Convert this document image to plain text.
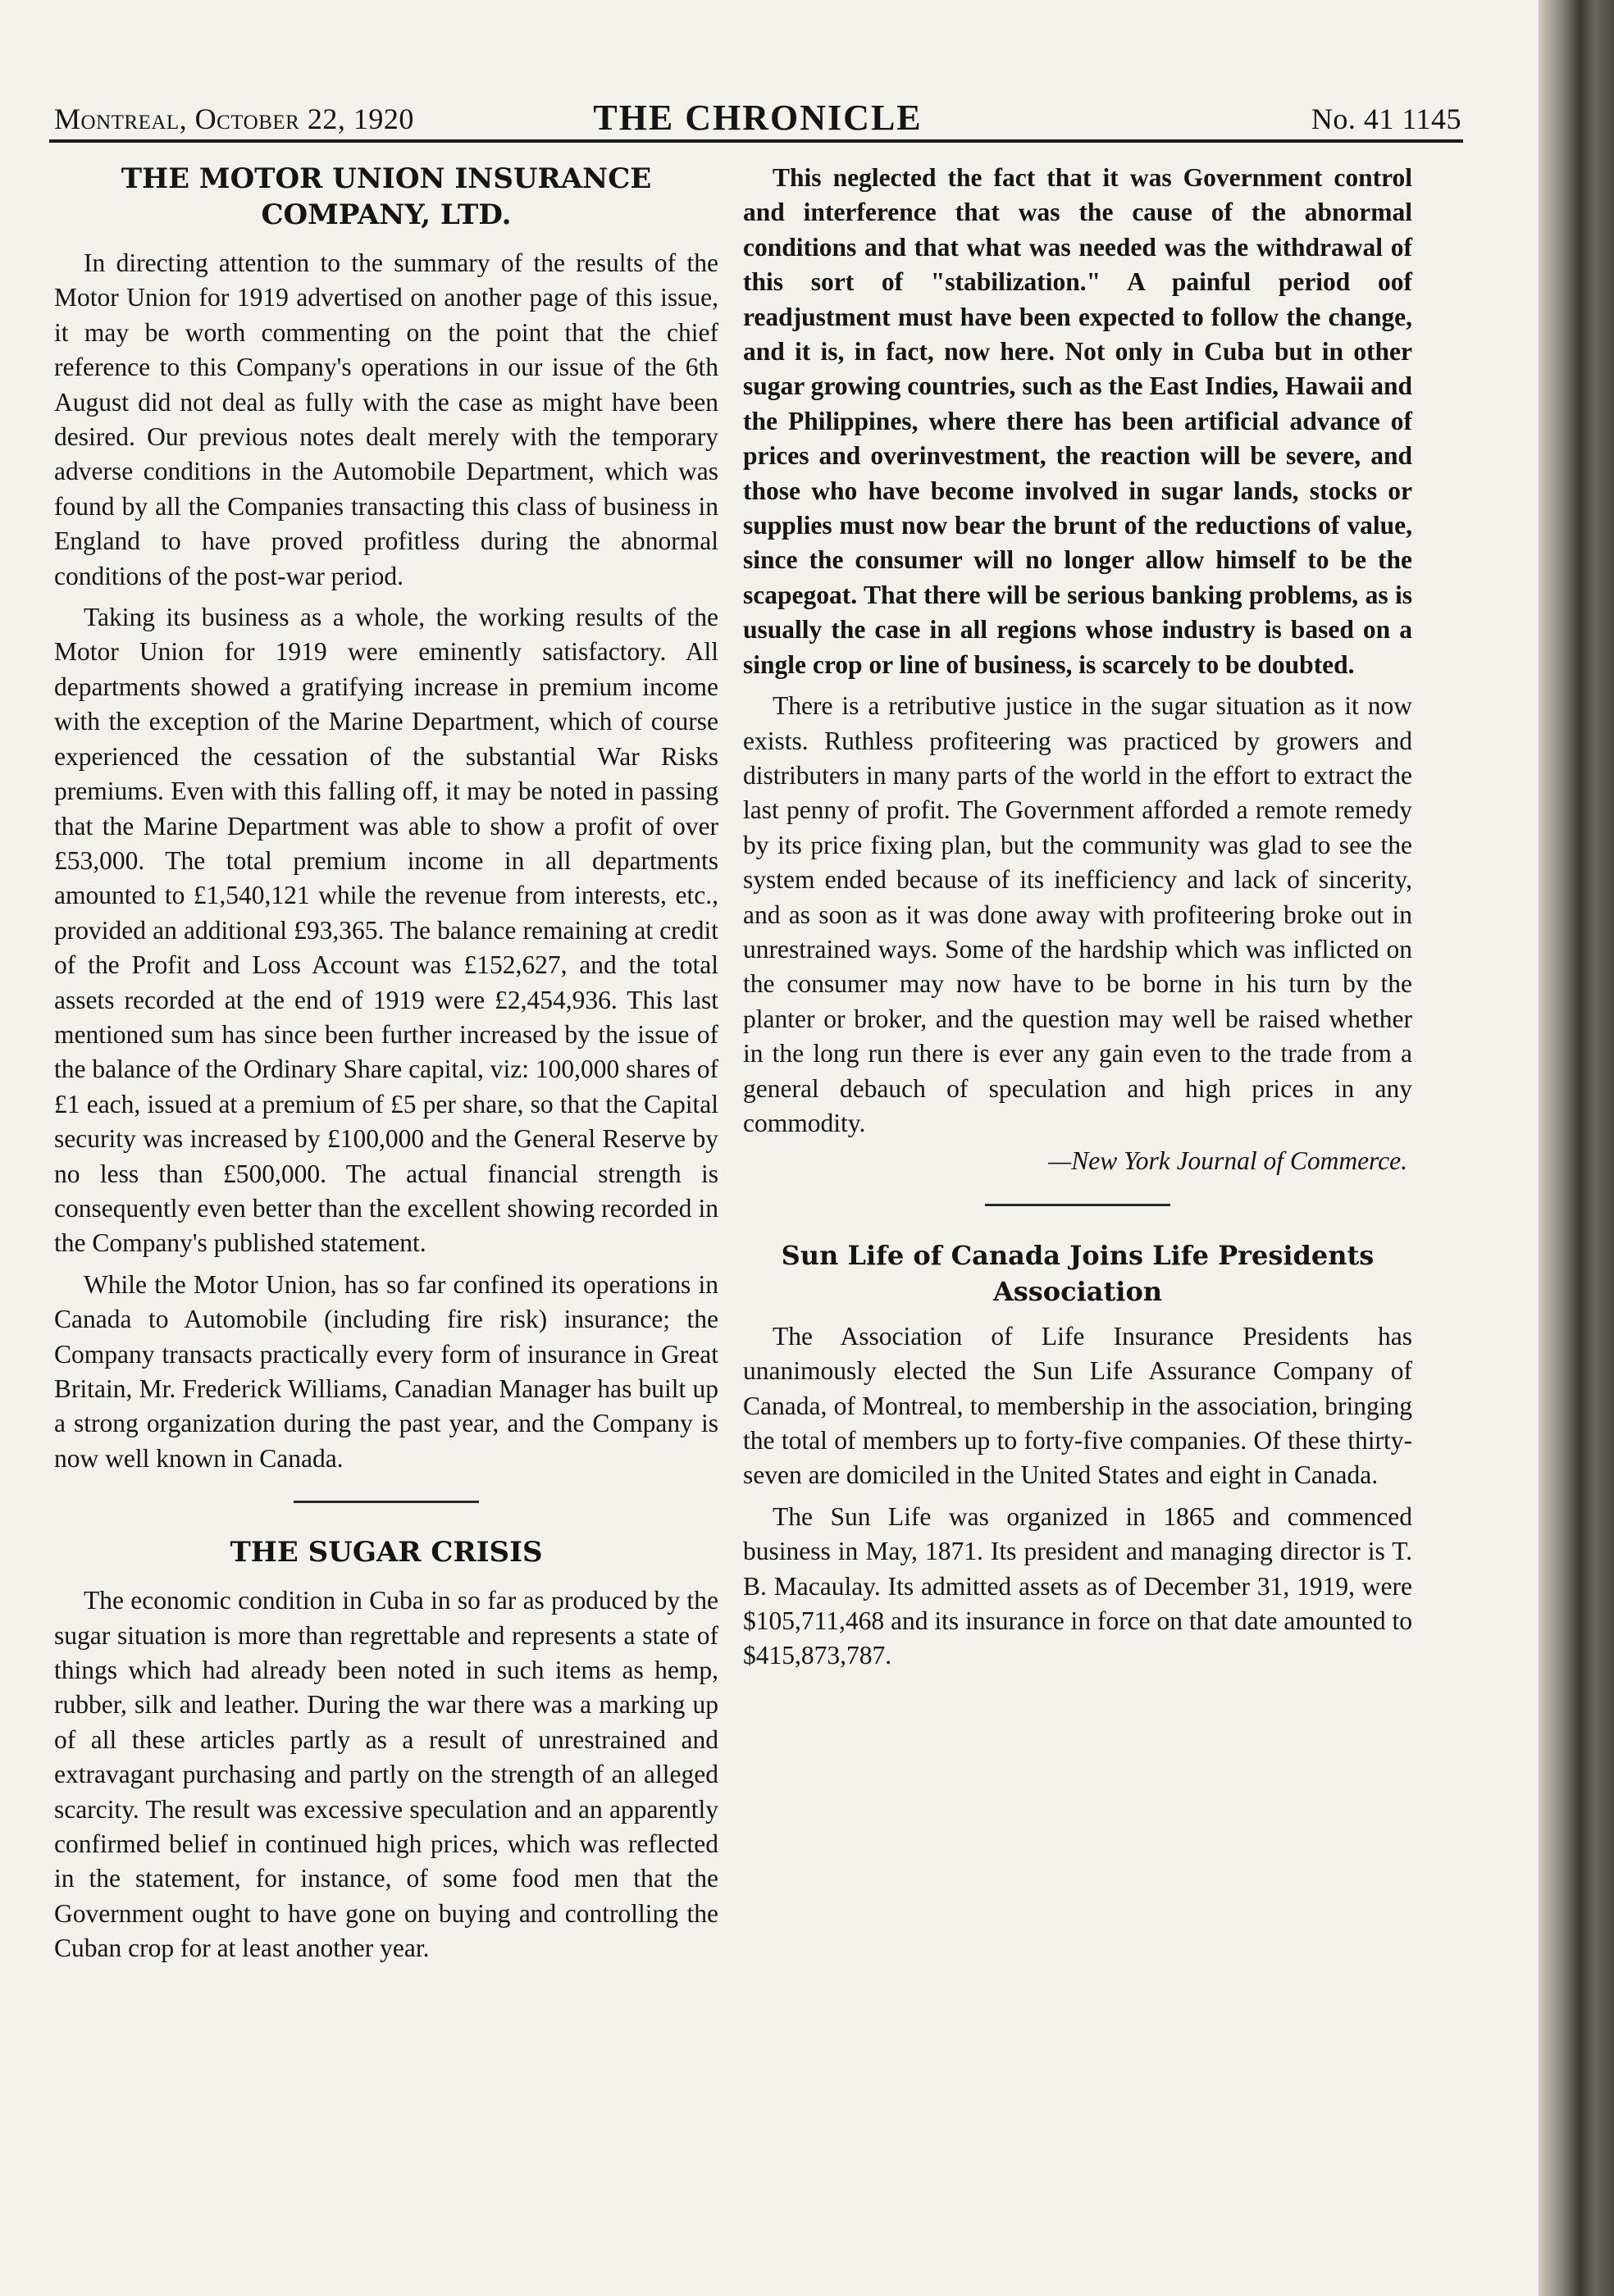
Montreal, October 22, 1920	THE CHRONICLE	No. 41 1145
THE MOTOR UNION INSURANCE COMPANY, LTD.

In directing attention to the summary of the results of the Motor Union for 1919 advertised on another page of this issue, it may be worth commenting on the point that the chief reference to this Company's operations in our issue of the 6th August did not deal as fully with the case as might have been desired. Our previous notes dealt merely with the temporary adverse conditions in the Automobile Department, which was found by all the Companies transacting this class of business in England to have proved profitless during the abnormal conditions of the post-war period.

Taking its business as a whole, the working results of the Motor Union for 1919 were eminently satisfactory. All departments showed a gratifying increase in premium income with the exception of the Marine Department, which of course experienced the cessation of the substantial War Risks premiums. Even with this falling off, it may be noted in passing that the Marine Department was able to show a profit of over £53,000. The total premium income in all departments amounted to £1,540,121 while the revenue from interests, etc., provided an additional £93,365. The balance remaining at credit of the Profit and Loss Account was £152,627, and the total assets recorded at the end of 1919 were £2,454,936. This last mentioned sum has since been further increased by the issue of the balance of the Ordinary Share capital, viz: 100,000 shares of £1 each, issued at a premium of £5 per share, so that the Capital security was increased by £100,000 and the General Reserve by no less than £500,000. The actual financial strength is consequently even better than the excellent showing recorded in the Company's published statement.

While the Motor Union, has so far confined its operations in Canada to Automobile (including fire risk) insurance; the Company transacts practically every form of insurance in Great Britain, Mr. Frederick Williams, Canadian Manager has built up a strong organization during the past year, and the Company is now well known in Canada.

THE SUGAR CRISIS

The economic condition in Cuba in so far as produced by the sugar situation is more than regrettable and represents a state of things which had already been noted in such items as hemp, rubber, silk and leather. During the war there was a marking up of all these articles partly as a result of unrestrained and extravagant purchasing and partly on the strength of an alleged scarcity. The result was excessive speculation and an apparently confirmed belief in continued high prices, which was reflected in the statement, for instance, of some food men that the Government ought to have gone on buying and controlling the Cuban crop for at least another year.

This neglected the fact that it was Government control and interference that was the cause of the abnormal conditions and that what was needed was the withdrawal of this sort of "stabilization." A painful period oof readjustment must have been expected to follow the change, and it is, in fact, now here. Not only in Cuba but in other sugar growing countries, such as the East Indies, Hawaii and the Philippines, where there has been artificial advance of prices and overinvestment, the reaction will be severe, and those who have become involved in sugar lands, stocks or supplies must now bear the brunt of the reductions of value, since the consumer will no longer allow himself to be the scapegoat. That there will be serious banking problems, as is usually the case in all regions whose industry is based on a single crop or line of business, is scarcely to be doubted.

There is a retributive justice in the sugar situation as it now exists. Ruthless profiteering was practiced by growers and distributers in many parts of the world in the effort to extract the last penny of profit. The Government afforded a remote remedy by its price fixing plan, but the community was glad to see the system ended because of its inefficiency and lack of sincerity, and as soon as it was done away with profiteering broke out in unrestrained ways. Some of the hardship which was inflicted on the consumer may now have to be borne in his turn by the planter or broker, and the question may well be raised whether in the long run there is ever any gain even to the trade from a general debauch of speculation and high prices in any commodity.

—New York Journal of Commerce.
Sun Life of Canada Joins Life Presidents Association

The Association of Life Insurance Presidents has unanimously elected the Sun Life Assurance Company of Canada, of Montreal, to membership in the association, bringing the total of members up to forty-five companies. Of these thirty-seven are domiciled in the United States and eight in Canada.

The Sun Life was organized in 1865 and commenced business in May, 1871. Its president and managing director is T. B. Macaulay. Its admitted assets as of December 31, 1919, were $105,711,468 and its insurance in force on that date amounted to $415,873,787.
